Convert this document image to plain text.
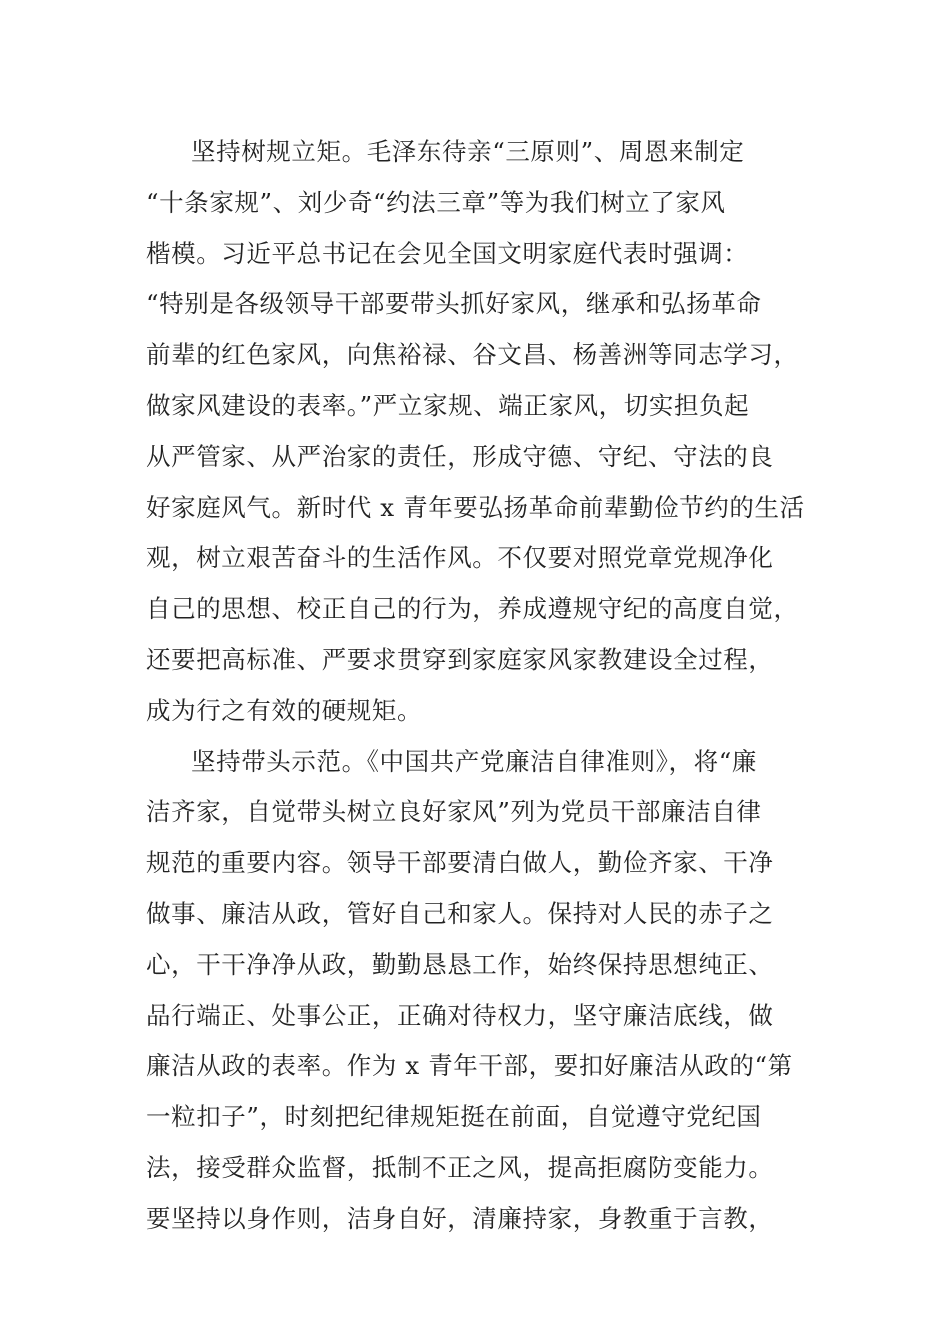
坚持树规立矩。毛泽东待亲“三原则”、周恩来制定
“十条家规”、刘少奇“约法三章”等为我们树立了家风
楷模。习近平总书记在会见全国文明家庭代表时强调：
“特别是各级领导干部要带头抓好家风，继承和弘扬革命
前辈的红色家风，向焦裕禄、谷文昌、杨善洲等同志学习，
做家风建设的表率。”严立家规、端正家风，切实担负起
从严管家、从严治家的责任，形成守德、守纪、守法的良
好家庭风气。新时代 x 青年要弘扬革命前辈勤俭节约的生活
观，树立艰苦奋斗的生活作风。不仅要对照党章党规净化
自己的思想、校正自己的行为，养成遵规守纪的高度自觉，
还要把高标准、严要求贯穿到家庭家风家教建设全过程，
成为行之有效的硬规矩。
坚持带头示范。《中国共产党廉洁自律准则》，将“廉
洁齐家，自觉带头树立良好家风”列为党员干部廉洁自律
规范的重要内容。领导干部要清白做人，勤俭齐家、干净
做事、廉洁从政，管好自己和家人。保持对人民的赤子之
心，干干净净从政，勤勤恳恳工作，始终保持思想纯正、
品行端正、处事公正，正确对待权力，坚守廉洁底线，做
廉洁从政的表率。作为 x 青年干部，要扣好廉洁从政的“第
一粒扣子”，时刻把纪律规矩挺在前面，自觉遵守党纪国
法，接受群众监督，抵制不正之风，提高拒腐防变能力。
要坚持以身作则，洁身自好，清廉持家，身教重于言教，
